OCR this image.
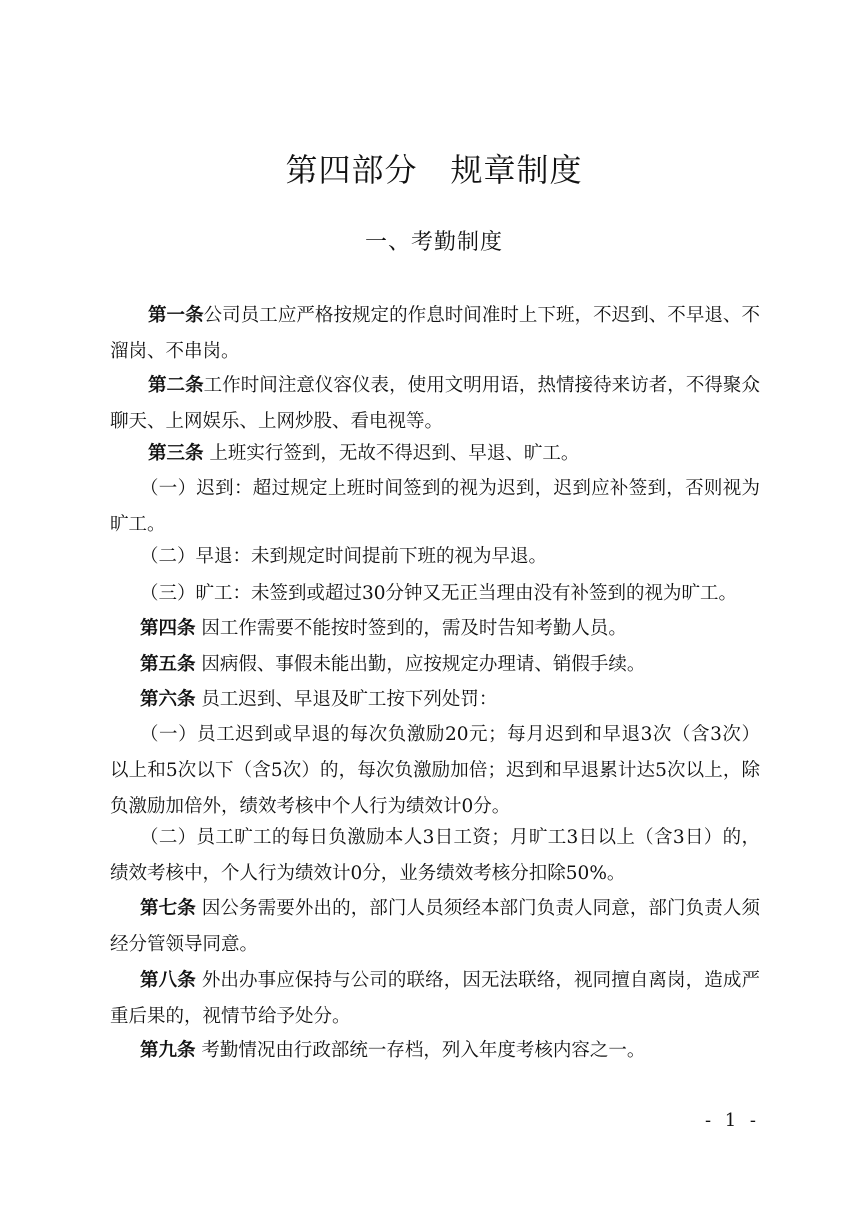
第四部分　规章制度
一、考勤制度

第一条公司员工应严格按规定的作息时间准时上下班，不迟到、不早退、不溜岗、不串岗。

第二条工作时间注意仪容仪表，使用文明用语，热情接待来访者，不得聚众聊天、上网娱乐、上网炒股、看电视等。

第三条 上班实行签到，无故不得迟到、早退、旷工。

（一）迟到：超过规定上班时间签到的视为迟到，迟到应补签到，否则视为旷工。

（二）早退：未到规定时间提前下班的视为早退。

（三）旷工：未签到或超过30分钟又无正当理由没有补签到的视为旷工。

第四条 因工作需要不能按时签到的，需及时告知考勤人员。

第五条 因病假、事假未能出勤，应按规定办理请、销假手续。

第六条 员工迟到、早退及旷工按下列处罚：

（一）员工迟到或早退的每次负激励20元；每月迟到和早退3次（含3次）以上和5次以下（含5次）的，每次负激励加倍；迟到和早退累计达5次以上，除负激励加倍外，绩效考核中个人行为绩效计0分。

（二）员工旷工的每日负激励本人3日工资；月旷工3日以上（含3日）的，绩效考核中，个人行为绩效计0分，业务绩效考核分扣除50%。

第七条 因公务需要外出的，部门人员须经本部门负责人同意，部门负责人须经分管领导同意。

第八条 外出办事应保持与公司的联络，因无法联络，视同擅自离岗，造成严重后果的，视情节给予处分。

第九条 考勤情况由行政部统一存档，列入年度考核内容之一。

- 1 -
